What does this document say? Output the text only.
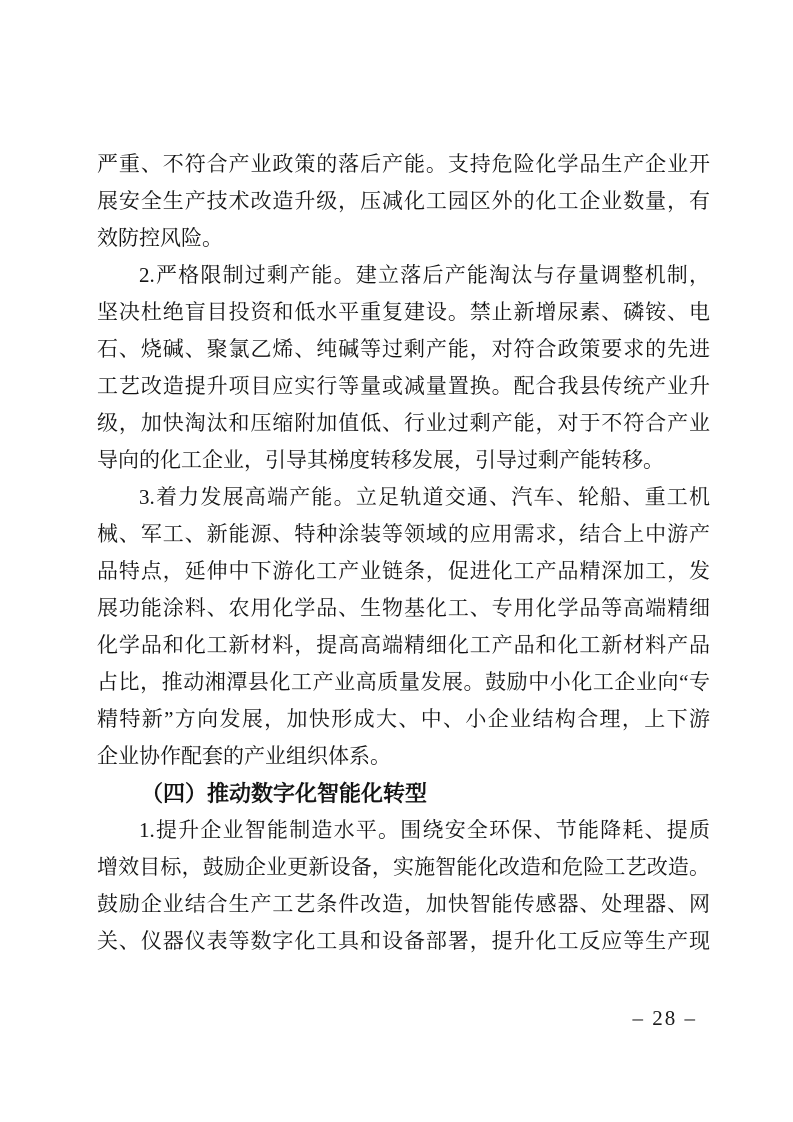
严重、不符合产业政策的落后产能。支持危险化学品生产企业开
展安全生产技术改造升级，压减化工园区外的化工企业数量，有
效防控风险。
2.严格限制过剩产能。建立落后产能淘汰与存量调整机制，
坚决杜绝盲目投资和低水平重复建设。禁止新增尿素、磷铵、电
石、烧碱、聚氯乙烯、纯碱等过剩产能，对符合政策要求的先进
工艺改造提升项目应实行等量或减量置换。配合我县传统产业升
级，加快淘汰和压缩附加值低、行业过剩产能，对于不符合产业
导向的化工企业，引导其梯度转移发展，引导过剩产能转移。
3.着力发展高端产能。立足轨道交通、汽车、轮船、重工机
械、军工、新能源、特种涂装等领域的应用需求，结合上中游产
品特点，延伸中下游化工产业链条，促进化工产品精深加工，发
展功能涂料、农用化学品、生物基化工、专用化学品等高端精细
化学品和化工新材料，提高高端精细化工产品和化工新材料产品
占比，推动湘潭县化工产业高质量发展。鼓励中小化工企业向“专
精特新”方向发展，加快形成大、中、小企业结构合理，上下游
企业协作配套的产业组织体系。
（四）推动数字化智能化转型
1.提升企业智能制造水平。围绕安全环保、节能降耗、提质
增效目标，鼓励企业更新设备，实施智能化改造和危险工艺改造。
鼓励企业结合生产工艺条件改造，加快智能传感器、处理器、网
关、仪器仪表等数字化工具和设备部署，提升化工反应等生产现
– 28 –
